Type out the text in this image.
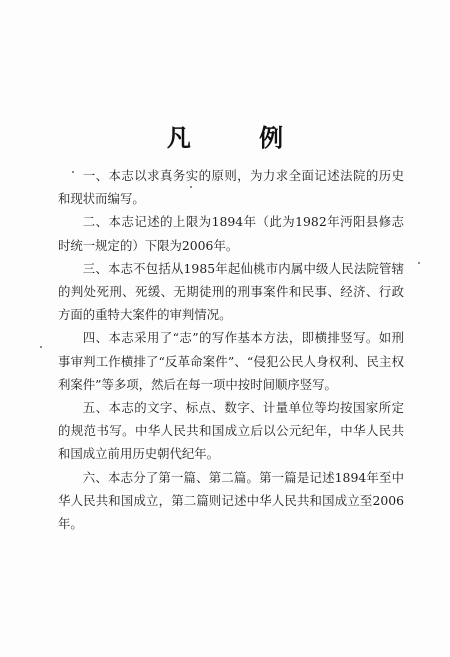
凡 例

一、本志以求真务实的原则，为力求全面记述法院的历史和现状而编写。

二、本志记述的上限为1894年（此为1982年沔阳县修志时统一规定的）下限为2006年。

三、本志不包括从1985年起仙桃市内属中级人民法院管辖的判处死刑、死缓、无期徒刑的刑事案件和民事、经济、行政方面的重特大案件的审判情况。

四、本志采用了“志”的写作基本方法，即横排竖写。如刑事审判工作横排了“反革命案件”、“侵犯公民人身权利、民主权利案件”等多项，然后在每一项中按时间顺序竖写。

五、本志的文字、标点、数字、计量单位等均按国家所定的规范书写。中华人民共和国成立后以公元纪年，中华人民共和国成立前用历史朝代纪年。

六、本志分了第一篇、第二篇。第一篇是记述1894年至中华人民共和国成立，第二篇则记述中华人民共和国成立至2006年。
